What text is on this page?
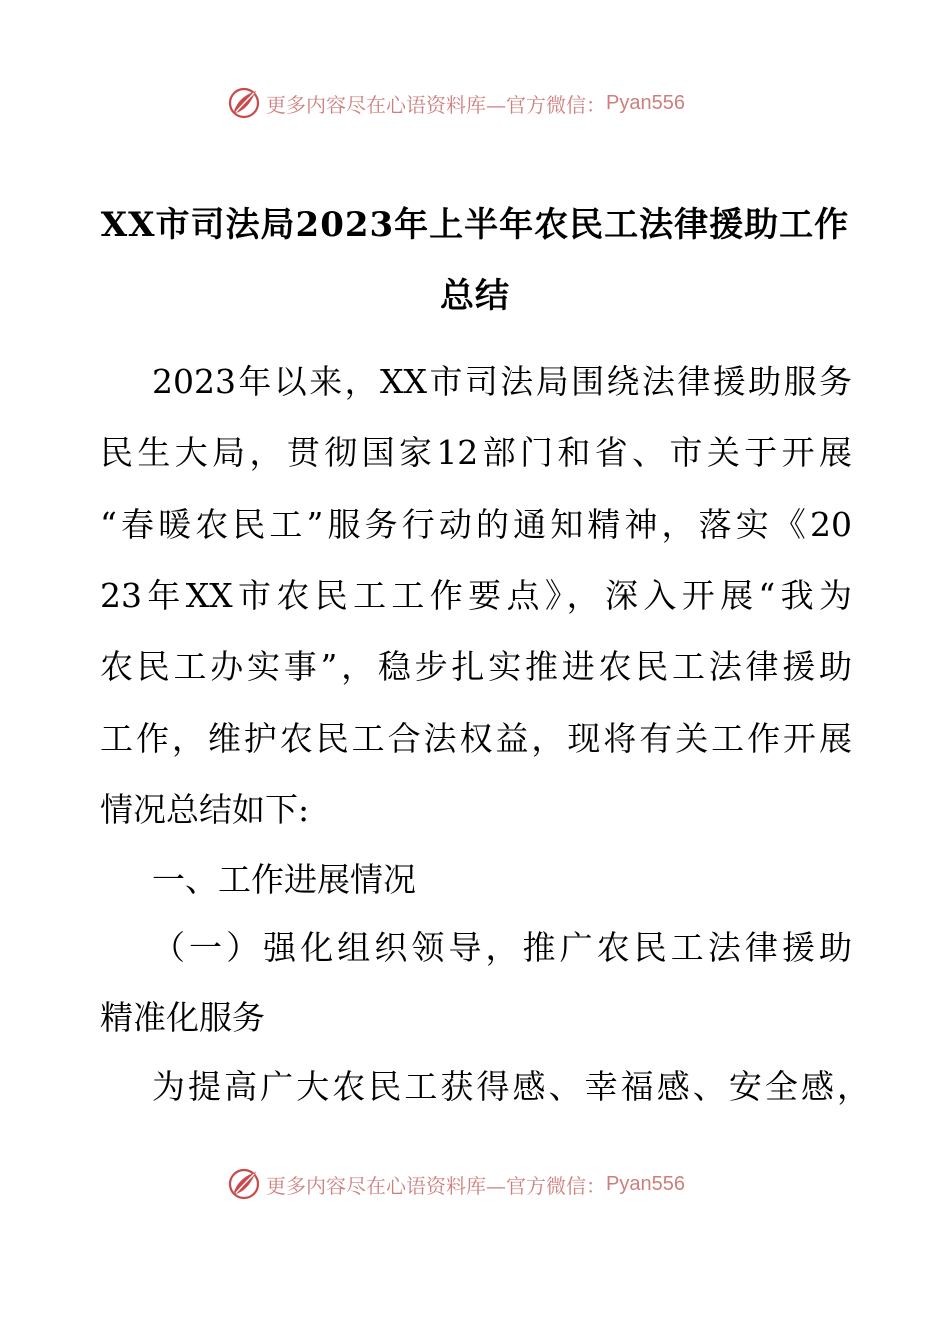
更多内容尽在心语资料库—官方微信： Pyan556
XX市司法局2023年上半年农民工法律援助工作
总结
2023年以来，XX市司法局围绕法律援助服务
民生大局，贯彻国家12部门和省、市关于开展
“春暖农民工”服务行动的通知精神，落实《20
23年XX市农民工工作要点》，深入开展“我为
农民工办实事”，稳步扎实推进农民工法律援助
工作，维护农民工合法权益，现将有关工作开展
情况总结如下:
一、工作进展情况
（一）强化组织领导，推广农民工法律援助
精准化服务
为提高广大农民工获得感、幸福感、安全感，
更多内容尽在心语资料库—官方微信： Pyan556
